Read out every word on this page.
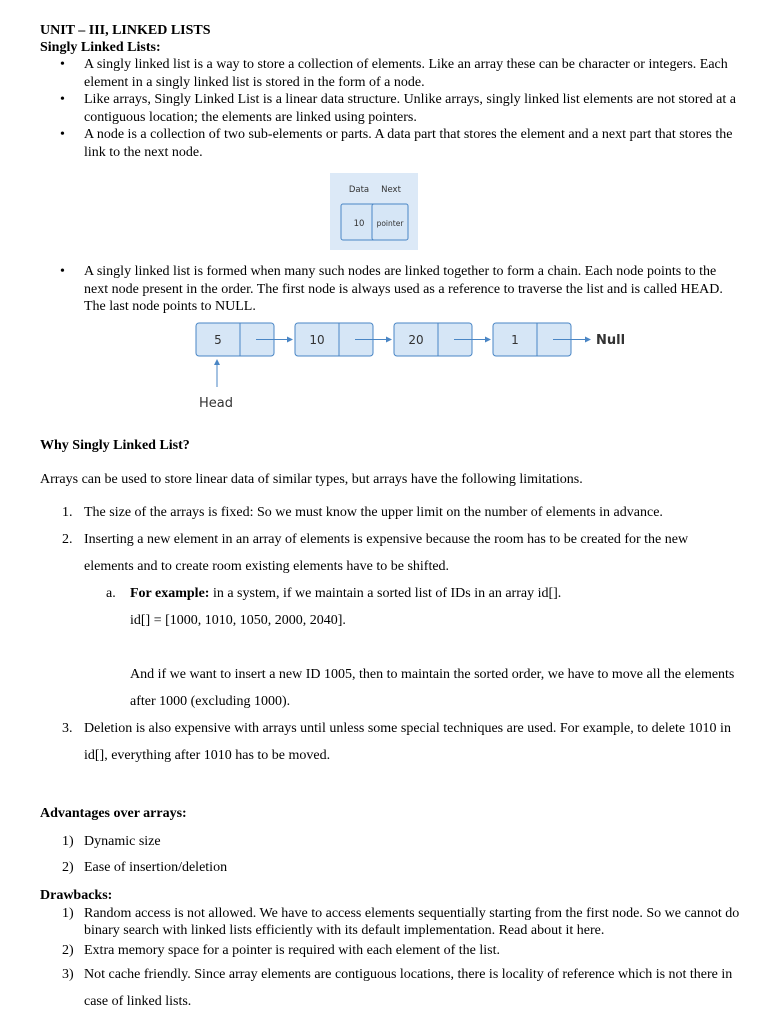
UNIT – III, LINKED LISTS
Singly Linked Lists:
• A singly linked list is a way to store a collection of elements. Like an array these can be character or integers. Each element in a singly linked list is stored in the form of a node.
• Like arrays, Singly Linked List is a linear data structure. Unlike arrays, singly linked list elements are not stored at a contiguous location; the elements are linked using pointers.
• A node is a collection of two sub-elements or parts. A data part that stores the element and a next part that stores the link to the next node.
Data Next
10 pointer
• A singly linked list is formed when many such nodes are linked together to form a chain. Each node points to the next node present in the order. The first node is always used as a reference to traverse the list and is called HEAD. The last node points to NULL.
5	10	20	1	Null
Head
Why Singly Linked List?
Arrays can be used to store linear data of similar types, but arrays have the following limitations.
1. The size of the arrays is fixed: So we must know the upper limit on the number of elements in advance.
2. Inserting a new element in an array of elements is expensive because the room has to be created for the new elements and to create room existing elements have to be shifted.
a. For example: in a system, if we maintain a sorted list of IDs in an array id[].
id[] = [1000, 1010, 1050, 2000, 2040].
And if we want to insert a new ID 1005, then to maintain the sorted order, we have to move all the elements after 1000 (excluding 1000).
3. Deletion is also expensive with arrays until unless some special techniques are used. For example, to delete 1010 in id[], everything after 1010 has to be moved.
Advantages over arrays:
1) Dynamic size
2) Ease of insertion/deletion
Drawbacks:
1) Random access is not allowed. We have to access elements sequentially starting from the first node. So we cannot do binary search with linked lists efficiently with its default implementation. Read about it here.
2) Extra memory space for a pointer is required with each element of the list.
3) Not cache friendly. Since array elements are contiguous locations, there is locality of reference which is not there in case of linked lists.
